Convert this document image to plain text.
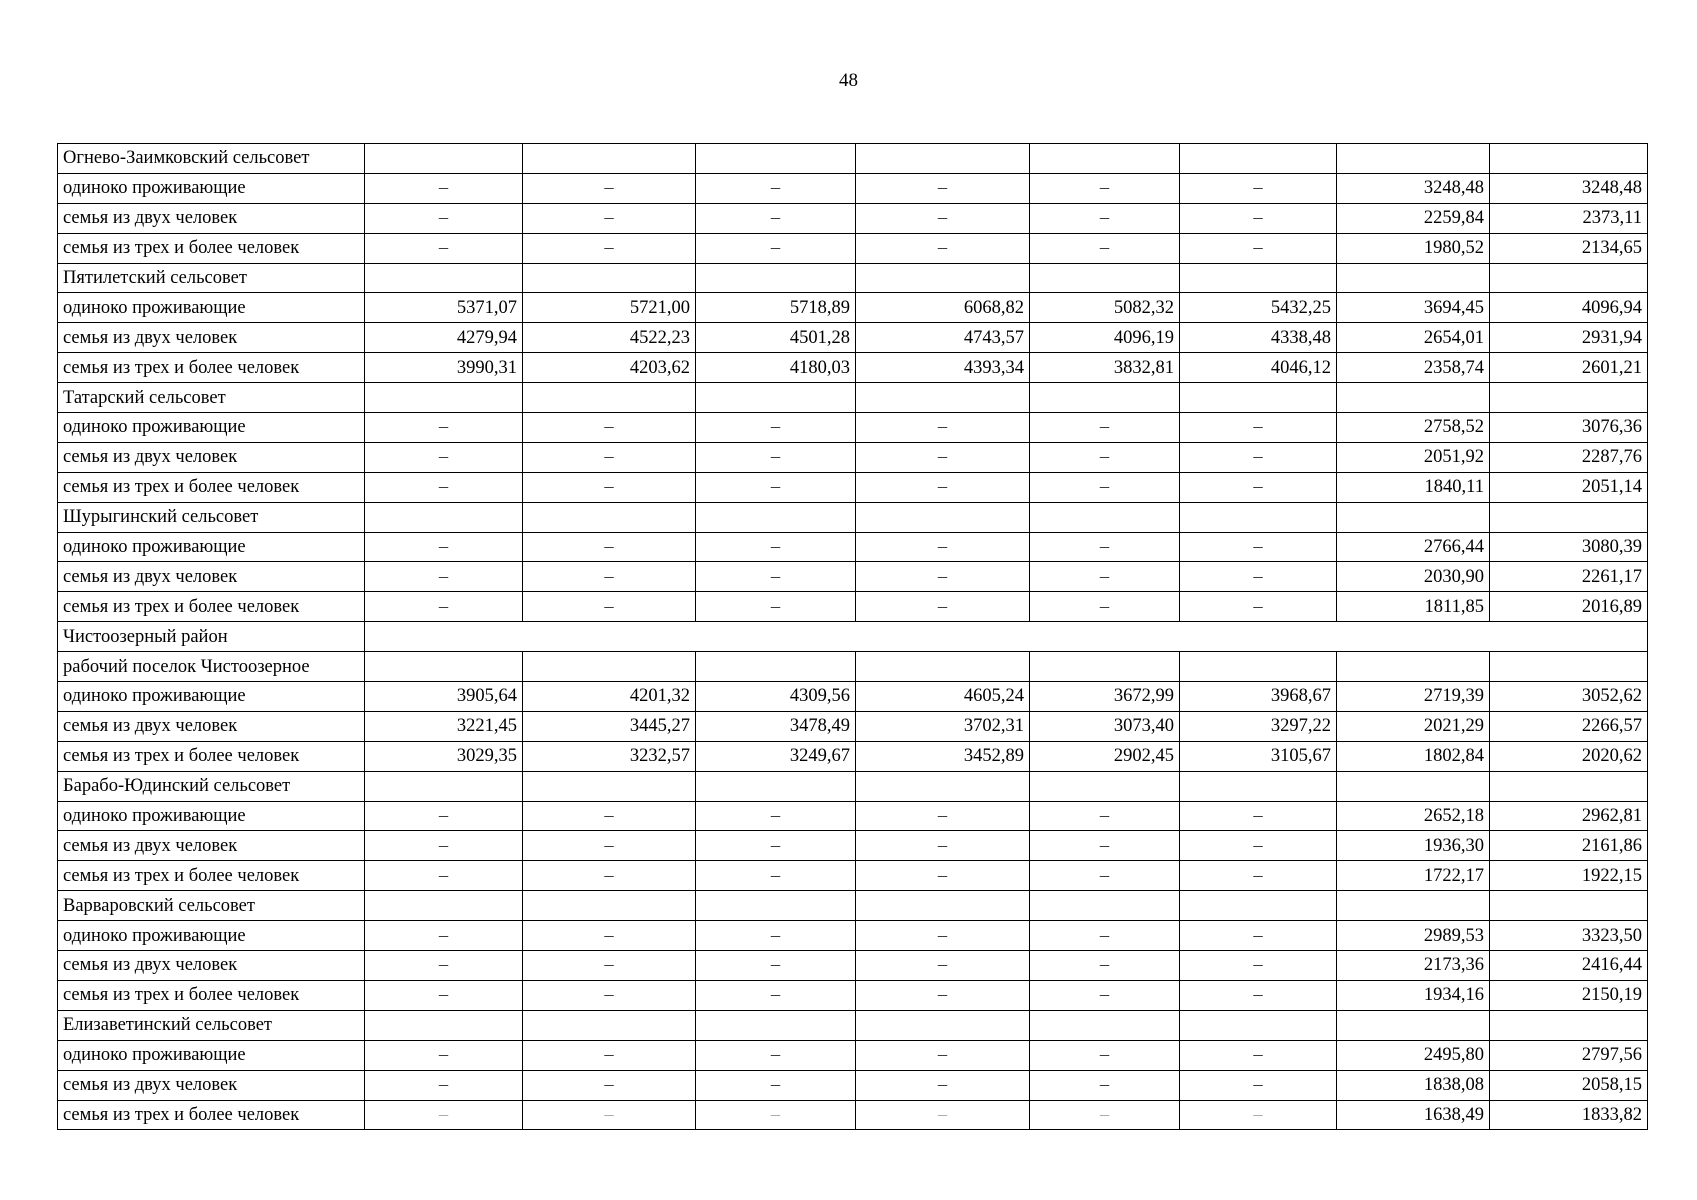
48
Огнево-Заимковский сельсовет								
одиноко проживающие	–	–	–	–	–	–	3248,48	3248,48
семья из двух человек	–	–	–	–	–	–	2259,84	2373,11
семья из трех и более человек	–	–	–	–	–	–	1980,52	2134,65
Пятилетский сельсовет								
одиноко проживающие	5371,07	5721,00	5718,89	6068,82	5082,32	5432,25	3694,45	4096,94
семья из двух человек	4279,94	4522,23	4501,28	4743,57	4096,19	4338,48	2654,01	2931,94
семья из трех и более человек	3990,31	4203,62	4180,03	4393,34	3832,81	4046,12	2358,74	2601,21
Татарский сельсовет								
одиноко проживающие	–	–	–	–	–	–	2758,52	3076,36
семья из двух человек	–	–	–	–	–	–	2051,92	2287,76
семья из трех и более человек	–	–	–	–	–	–	1840,11	2051,14
Шурыгинский сельсовет								
одиноко проживающие	–	–	–	–	–	–	2766,44	3080,39
семья из двух человек	–	–	–	–	–	–	2030,90	2261,17
семья из трех и более человек	–	–	–	–	–	–	1811,85	2016,89
Чистоозерный район								
рабочий поселок Чистоозерное								
одиноко проживающие	3905,64	4201,32	4309,56	4605,24	3672,99	3968,67	2719,39	3052,62
семья из двух человек	3221,45	3445,27	3478,49	3702,31	3073,40	3297,22	2021,29	2266,57
семья из трех и более человек	3029,35	3232,57	3249,67	3452,89	2902,45	3105,67	1802,84	2020,62
Барабо-Юдинский сельсовет								
одиноко проживающие	–	–	–	–	–	–	2652,18	2962,81
семья из двух человек	–	–	–	–	–	–	1936,30	2161,86
семья из трех и более человек	–	–	–	–	–	–	1722,17	1922,15
Варваровский сельсовет								
одиноко проживающие	–	–	–	–	–	–	2989,53	3323,50
семья из двух человек	–	–	–	–	–	–	2173,36	2416,44
семья из трех и более человек	–	–	–	–	–	–	1934,16	2150,19
Елизаветинский сельсовет								
одиноко проживающие	–	–	–	–	–	–	2495,80	2797,56
семья из двух человек	–	–	–	–	–	–	1838,08	2058,15
семья из трех и более человек	–	–	–	–	–	–	1638,49	1833,82
